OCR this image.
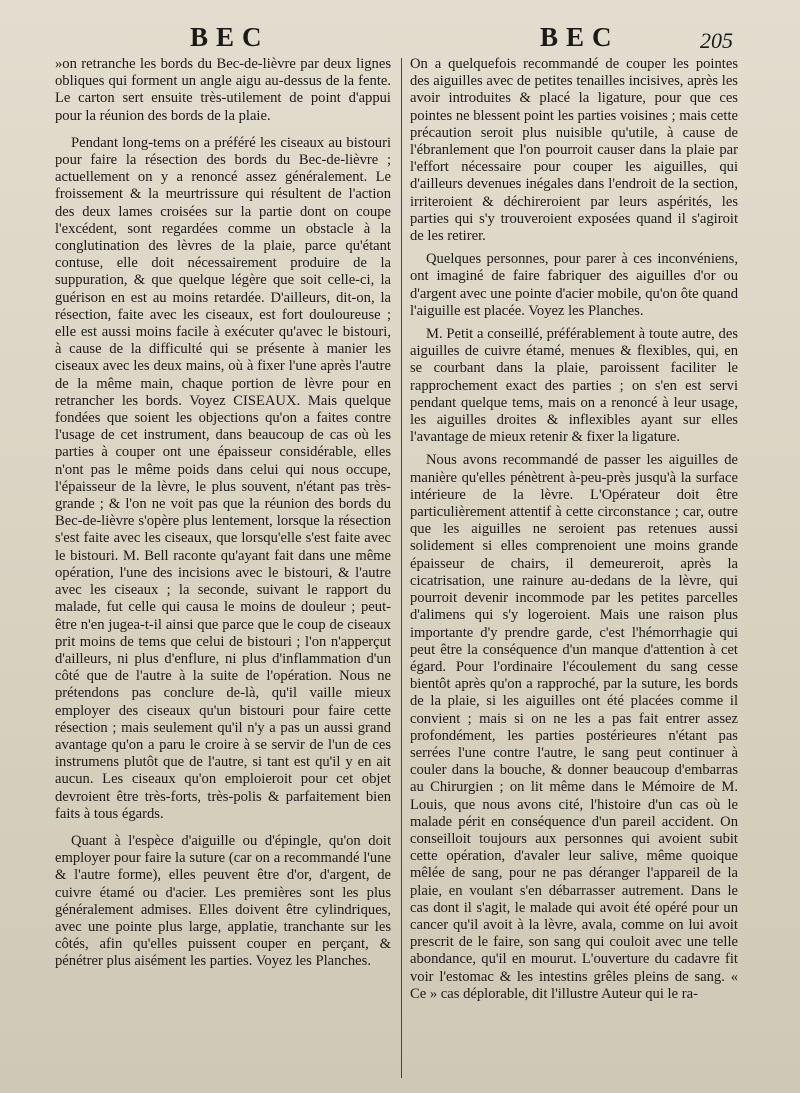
BEC	BEC	205

»on retranche les bords du Bec-de-lièvre par deux lignes obliques qui forment un angle aigu au-dessus de la fente. Le carton sert ensuite très-utilement de point d'appui pour la réunion des bords de la plaie.

Pendant long-tems on a préféré les ciseaux au bistouri pour faire la résection des bords du Bec-de-lièvre ; actuellement on y a renoncé assez généralement. Le froissement & la meurtrissure qui résultent de l'action des deux lames croisées sur la partie dont on coupe l'excédent, sont regardées comme un obstacle à la conglutination des lèvres de la plaie, parce qu'étant contuse, elle doit nécessairement produire de la suppuration, & que quelque légère que soit celle-ci, la guérison en est au moins retardée. D'ailleurs, dit-on, la résection, faite avec les ciseaux, est fort douloureuse ; elle est aussi moins facile à exécuter qu'avec le bistouri, à cause de la difficulté qui se présente à manier les ciseaux avec les deux mains, où à fixer l'une après l'autre de la même main, chaque portion de lèvre pour en retrancher les bords. Voyez CISEAUX. Mais quelque fondées que soient les objections qu'on a faites contre l'usage de cet instrument, dans beaucoup de cas où les parties à couper ont une épaisseur considérable, elles n'ont pas le même poids dans celui qui nous occupe, l'épaisseur de la lèvre, le plus souvent, n'étant pas très-grande ; & l'on ne voit pas que la réunion des bords du Bec-de-lièvre s'opère plus lentement, lorsque la résection s'est faite avec les ciseaux, que lorsqu'elle s'est faite avec le bistouri. M. Bell raconte qu'ayant fait dans une même opération, l'une des incisions avec le bistouri, & l'autre avec les ciseaux ; la seconde, suivant le rapport du malade, fut celle qui causa le moins de douleur ; peut-être n'en jugea-t-il ainsi que parce que le coup de ciseaux prit moins de tems que celui de bistouri ; l'on n'apperçut d'ailleurs, ni plus d'enflure, ni plus d'inflammation d'un côté que de l'autre à la suite de l'opération. Nous ne prétendons pas conclure de-là, qu'il vaille mieux employer des ciseaux qu'un bistouri pour faire cette résection ; mais seulement qu'il n'y a pas un aussi grand avantage qu'on a paru le croire à se servir de l'un de ces instrumens plutôt que de l'autre, si tant est qu'il y en ait aucun. Les ciseaux qu'on emploieroit pour cet objet devroient être très-forts, très-polis & parfaitement bien faits à tous égards.

Quant à l'espèce d'aiguille ou d'épingle, qu'on doit employer pour faire la suture (car on a recommandé l'une & l'autre forme), elles peuvent être d'or, d'argent, de cuivre étamé ou d'acier. Les premières sont les plus généralement admises. Elles doivent être cylindriques, avec une pointe plus large, applatie, tranchante sur les côtés, afin qu'elles puissent couper en perçant, & pénétrer plus aisément les parties. Voyez les Planches.

On a quelquefois recommandé de couper les pointes des aiguilles avec de petites tenailles incisives, après les avoir introduites & placé la ligature, pour que ces pointes ne blessent point les parties voisines ; mais cette précaution seroit plus nuisible qu'utile, à cause de l'ébranlement que l'on pourroit causer dans la plaie par l'effort nécessaire pour couper les aiguilles, qui d'ailleurs devenues inégales dans l'endroit de la section, irriteroient & déchireroient par leurs aspérités, les parties qui s'y trouveroient exposées quand il s'agiroit de les retirer.

Quelques personnes, pour parer à ces inconvéniens, ont imaginé de faire fabriquer des aiguilles d'or ou d'argent avec une pointe d'acier mobile, qu'on ôte quand l'aiguille est placée. Voyez les Planches.

M. Petit a conseillé, préférablement à toute autre, des aiguilles de cuivre étamé, menues & flexibles, qui, en se courbant dans la plaie, paroissent faciliter le rapprochement exact des parties ; on s'en est servi pendant quelque tems, mais on a renoncé à leur usage, les aiguilles droites & inflexibles ayant sur elles l'avantage de mieux retenir & fixer la ligature.

Nous avons recommandé de passer les aiguilles de manière qu'elles pénètrent à-peu-près jusqu'à la surface intérieure de la lèvre. L'Opérateur doit être particulièrement attentif à cette circonstance ; car, outre que les aiguilles ne seroient pas retenues aussi solidement si elles comprenoient une moins grande épaisseur de chairs, il demeureroit, après la cicatrisation, une rainure au-dedans de la lèvre, qui pourroit devenir incommode par les petites parcelles d'alimens qui s'y logeroient. Mais une raison plus importante d'y prendre garde, c'est l'hémorrhagie qui peut être la conséquence d'un manque d'attention à cet égard. Pour l'ordinaire l'écoulement du sang cesse bientôt après qu'on a rapproché, par la suture, les bords de la plaie, si les aiguilles ont été placées comme il convient ; mais si on ne les a pas fait entrer assez profondément, les parties postérieures n'étant pas serrées l'une contre l'autre, le sang peut continuer à couler dans la bouche, & donner beaucoup d'embarras au Chirurgien ; on lit même dans le Mémoire de M. Louis, que nous avons cité, l'histoire d'un cas où le malade périt en conséquence d'un pareil accident. On conseilloit toujours aux personnes qui avoient subit cette opération, d'avaler leur salive, même quoique mêlée de sang, pour ne pas déranger l'appareil de la plaie, en voulant s'en débarrasser autrement. Dans le cas dont il s'agit, le malade qui avoit été opéré pour un cancer qu'il avoit à la lèvre, avala, comme on lui avoit prescrit de le faire, son sang qui couloit avec une telle abondance, qu'il en mourut. L'ouverture du cadavre fit voir l'estomac & les intestins grêles pleins de sang. « Ce » cas déplorable, dit l'illustre Auteur qui le ra-
